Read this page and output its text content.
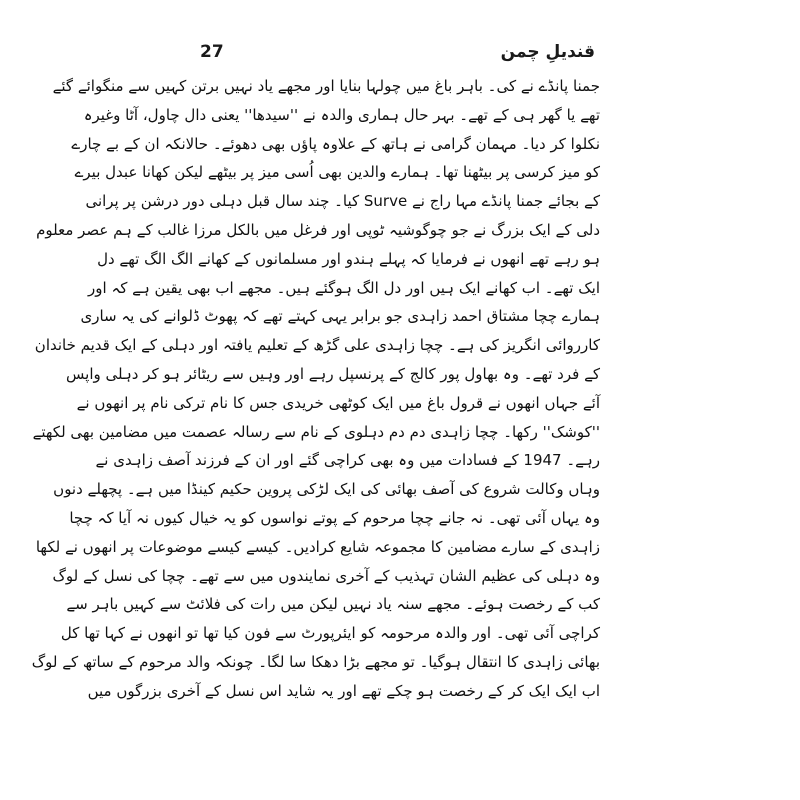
27	قندیلِ چمن
جمنا پانڈے نے کی۔ باہر باغ میں چولہا بنایا اور مجھے یاد نہیں برتن کہیں سے منگوائے گئے
تھے یا گھر ہی کے تھے۔ بہر حال ہماری والدہ نے ''سیدھا'' یعنی دال چاول، آٹا وغیرہ
نکلوا کر دیا۔ مہمان گرامی نے ہاتھ کے علاوہ پاؤں بھی دھوئے۔ حالانکہ ان کے بے چارے
کو میز کرسی پر بیٹھنا تھا۔ ہمارے والدین بھی اُسی میز پر بیٹھے لیکن کھانا عبدل بیرے
کے بجائے جمنا پانڈے مہا راج نے Surve کیا۔ چند سال قبل دہلی دور درشن پر پرانی
دلی کے ایک بزرگ نے جو چوگوشیہ ٹوپی اور فرغل میں بالکل مرزا غالب کے ہم عصر معلوم
ہو رہے تھے انھوں نے فرمایا کہ پہلے ہندو اور مسلمانوں کے کھانے الگ الگ تھے دل
ایک تھے۔ اب کھانے ایک ہیں اور دل الگ ہوگئے ہیں۔ مجھے اب بھی یقین ہے کہ اور
ہمارے چچا مشتاق احمد زاہدی جو برابر یہی کہتے تھے کہ پھوٹ ڈلوانے کی یہ ساری
کارروائی انگریز کی ہے۔ چچا زاہدی علی گڑھ کے تعلیم یافتہ اور دہلی کے ایک قدیم خاندان
کے فرد تھے۔ وہ بھاول پور کالج کے پرنسپل رہے اور وہیں سے ریٹائر ہو کر دہلی واپس
آئے جہاں انھوں نے قرول باغ میں ایک کوٹھی خریدی جس کا نام ترکی نام پر انھوں نے
''کوشک'' رکھا۔ چچا زاہدی دم دم دہلوی کے نام سے رسالہ عصمت میں مضامین بھی لکھتے
رہے۔ 1947 کے فسادات میں وہ بھی کراچی گئے اور ان کے فرزند آصف زاہدی نے
وہاں وکالت شروع کی آصف بھائی کی ایک لڑکی پروین حکیم کینڈا میں ہے۔ پچھلے دنوں
وہ یہاں آئی تھی۔ نہ جانے چچا مرحوم کے پوتے نواسوں کو یہ خیال کیوں نہ آیا کہ چچا
زاہدی کے سارے مضامین کا مجموعہ شایع کرادیں۔ کیسے کیسے موضوعات پر انھوں نے لکھا
وہ دہلی کی عظیم الشان تہذیب کے آخری نمایندوں میں سے تھے۔ چچا کی نسل کے لوگ
کب کے رخصت ہوئے۔ مجھے سنہ یاد نہیں لیکن میں رات کی فلائٹ سے کہیں باہر سے
کراچی آئی تھی۔ اور والدہ مرحومہ کو ایئرپورٹ سے فون کیا تھا تو انھوں نے کہا تھا کل
بھائی زاہدی کا انتقال ہوگیا۔ تو مجھے بڑا دھکا سا لگا۔ چونکہ والد مرحوم کے ساتھ کے لوگ
اب ایک ایک کر کے رخصت ہو چکے تھے اور یہ شاید اس نسل کے آخری بزرگوں میں
